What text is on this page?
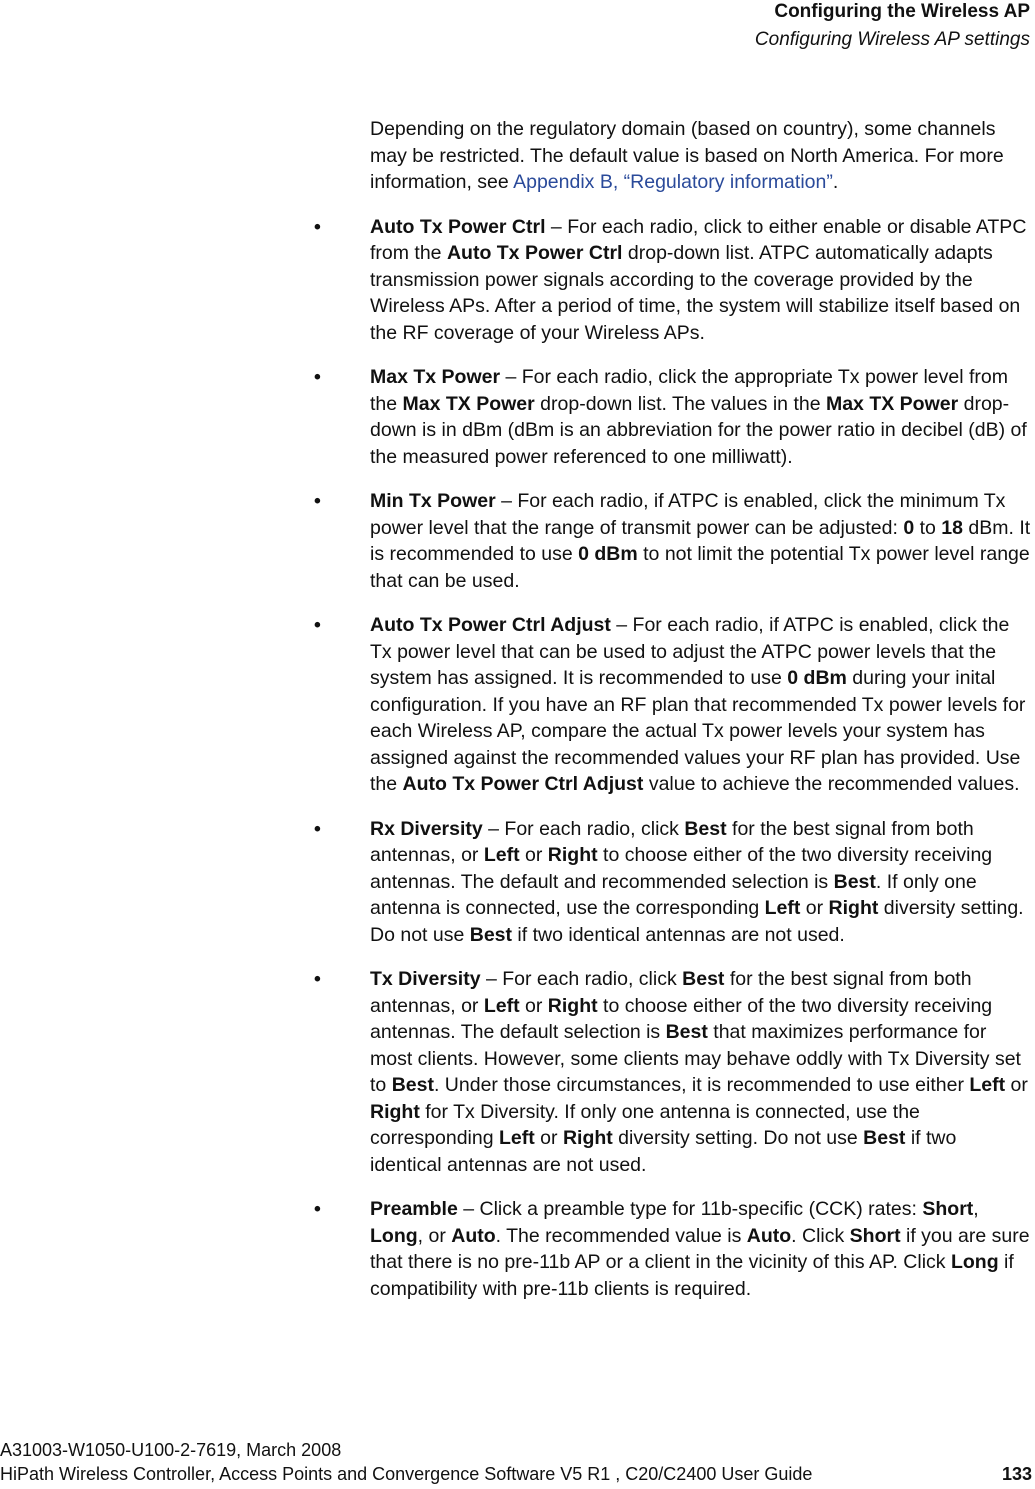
Configuring the Wireless AP
Configuring Wireless AP settings

Depending on the regulatory domain (based on country), some channels may be restricted. The default value is based on North America. For more information, see Appendix B, “Regulatory information”.

•	Auto Tx Power Ctrl – For each radio, click to either enable or disable ATPC from the Auto Tx Power Ctrl drop-down list. ATPC automatically adapts transmission power signals according to the coverage provided by the Wireless APs. After a period of time, the system will stabilize itself based on the RF coverage of your Wireless APs.

•	Max Tx Power – For each radio, click the appropriate Tx power level from the Max TX Power drop-down list. The values in the Max TX Power drop-down is in dBm (dBm is an abbreviation for the power ratio in decibel (dB) of the measured power referenced to one milliwatt).

•	Min Tx Power – For each radio, if ATPC is enabled, click the minimum Tx power level that the range of transmit power can be adjusted: 0 to 18 dBm. It is recommended to use 0 dBm to not limit the potential Tx power level range that can be used.

•	Auto Tx Power Ctrl Adjust – For each radio, if ATPC is enabled, click the Tx power level that can be used to adjust the ATPC power levels that the system has assigned. It is recommended to use 0 dBm during your inital configuration. If you have an RF plan that recommended Tx power levels for each Wireless AP, compare the actual Tx power levels your system has assigned against the recommended values your RF plan has provided. Use the Auto Tx Power Ctrl Adjust value to achieve the recommended values.

•	Rx Diversity – For each radio, click Best for the best signal from both antennas, or Left or Right to choose either of the two diversity receiving antennas. The default and recommended selection is Best. If only one antenna is connected, use the corresponding Left or Right diversity setting. Do not use Best if two identical antennas are not used.

•	Tx Diversity – For each radio, click Best for the best signal from both antennas, or Left or Right to choose either of the two diversity receiving antennas. The default selection is Best that maximizes performance for most clients. However, some clients may behave oddly with Tx Diversity set to Best. Under those circumstances, it is recommended to use either Left or Right for Tx Diversity. If only one antenna is connected, use the corresponding Left or Right diversity setting. Do not use Best if two identical antennas are not used.

•	Preamble – Click a preamble type for 11b-specific (CCK) rates: Short, Long, or Auto. The recommended value is Auto. Click Short if you are sure that there is no pre-11b AP or a client in the vicinity of this AP. Click Long if compatibility with pre-11b clients is required.

A31003-W1050-U100-2-7619, March 2008
HiPath Wireless Controller, Access Points and Convergence Software V5 R1 , C20/C2400 User Guide	133
